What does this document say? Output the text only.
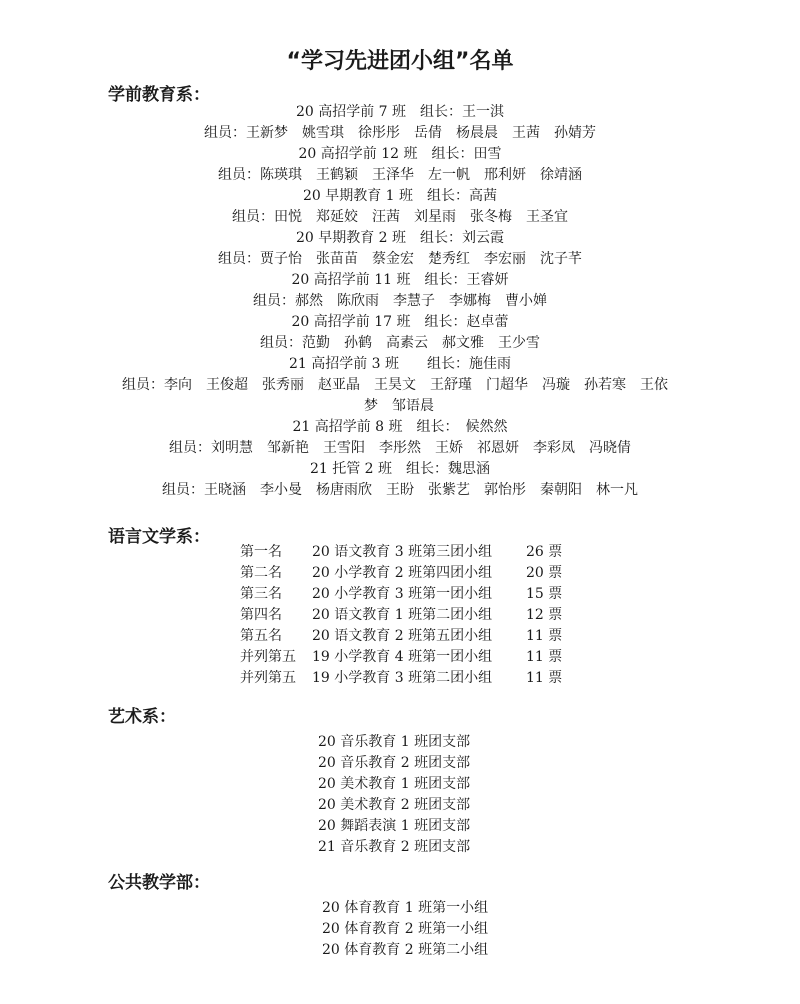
“学习先进团小组”名单
学前教育系：
20 高招学前 7 班　组长：王一淇
组员：王新梦　姚雪琪　徐彤彤　岳倩　杨晨晨　王茜　孙婧芳
20 高招学前 12 班　组长：田雪
组员：陈瑛琪　王鹤颖　王泽华　左一帆　邢利妍　徐靖涵
20 早期教育 1 班　组长：高茜
组员：田悦　郑延姣　汪茜　刘星雨　张冬梅　王圣宜
20 早期教育 2 班　组长：刘云霞
组员：贾子怡　张苗苗　蔡金宏　楚秀红　李宏丽　沈子芊
20 高招学前 11 班　组长：王睿妍
组员：郝然　陈欣雨　李慧子　李娜梅　曹小婵
20 高招学前 17 班　组长：赵卓蕾
组员：范勤　孙鹤　高素云　郝文雅　王少雪
21 高招学前 3 班　　组长：施佳雨
组员：李向　王俊超　张秀丽　赵亚晶　王昊文　王舒瑾　门超华　冯璇　孙若寒　王依
梦　邹语晨
21 高招学前 8 班　组长：　候然然
组员：刘明慧　邹新艳　王雪阳　李彤然　王娇　祁恩妍　李彩凤　冯晓倩
21 托管 2 班　组长：魏思涵
组员：王晓涵　李小曼　杨唐雨欣　王盼　张紫艺　郭怡彤　秦朝阳　林一凡
语言文学系：
第一名	20 语文教育 3 班第三团小组	26 票
第二名	20 小学教育 2 班第四团小组	20 票
第三名	20 小学教育 3 班第一团小组	15 票
第四名	20 语文教育 1 班第二团小组	12 票
第五名	20 语文教育 2 班第五团小组	11 票
并列第五	19 小学教育 4 班第一团小组	11 票
并列第五	19 小学教育 3 班第二团小组	11 票
艺术系：
20 音乐教育 1 班团支部
20 音乐教育 2 班团支部
20 美术教育 1 班团支部
20 美术教育 2 班团支部
20 舞蹈表演 1 班团支部
21 音乐教育 2 班团支部
公共教学部：
20 体育教育 1 班第一小组
20 体育教育 2 班第一小组
20 体育教育 2 班第二小组
